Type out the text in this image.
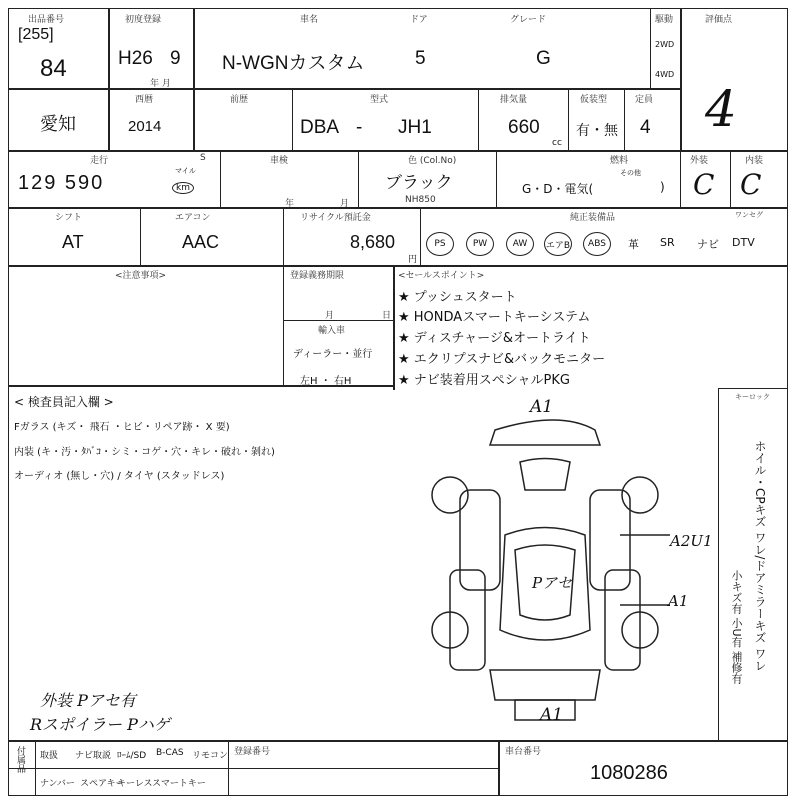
出品番号
[255]
84
初度登録
H26 9
年 月
車名
N-WGNカスタム
ドア
5
グレード
G
駆動
2WD
4WD
評価点
4
愛知
西暦
2014
前歴	型式
DBA - JH1
排気量
660
cc
仮装型
有・無
定員
4
走行
129 590
マイル
km
S	車検
年	月
色 (Col.No)
ブラック
NH850
燃料
G・D・電気(
その他
)
外装
C
内装
C
シフト
AT
エアコン
AAC
リサイクル預託金
8,680
円
純正装備品	ワンセグ
PS	PW	AW	エアB	ABS	革 SR ナビ DTV
<注意事項>	登録義務期限
月	日
輸入車
ディーラー・並行
左H ・ 右H
<セールスポイント>
★ プッシュスタート
★ HONDAスマートキーシステム
★ ディスチャージ&オートライト
★ エクリプスナビ&バックモニター
★ ナビ装着用スペシャルPKG
< 検査員記入欄 >
Fガラス (キズ・ 飛石 ・ヒビ・リペア跡・ X 要)
内装 (キ・汚・ﾀﾊﾞｺ・シミ・コゲ・穴・キレ・破れ・剝れ)
オーディオ (無し・穴) / タイヤ (スタッドレス)
キーロック
ホイル・CPキズ ワレ/ドアミラーキズ ワレ
小キズ有 小U有 補修有
A1
A2U1
Pアセ
A1
A1
外装 Pアセ有
Rスポイラー Pハゲ
付属品 取扱 ナビ取説 ﾛｰﾑ/SD B-CAS リモコン
ナンバー スペアキー
キーレス スマートキー
登録番号	車台番号
1080286
